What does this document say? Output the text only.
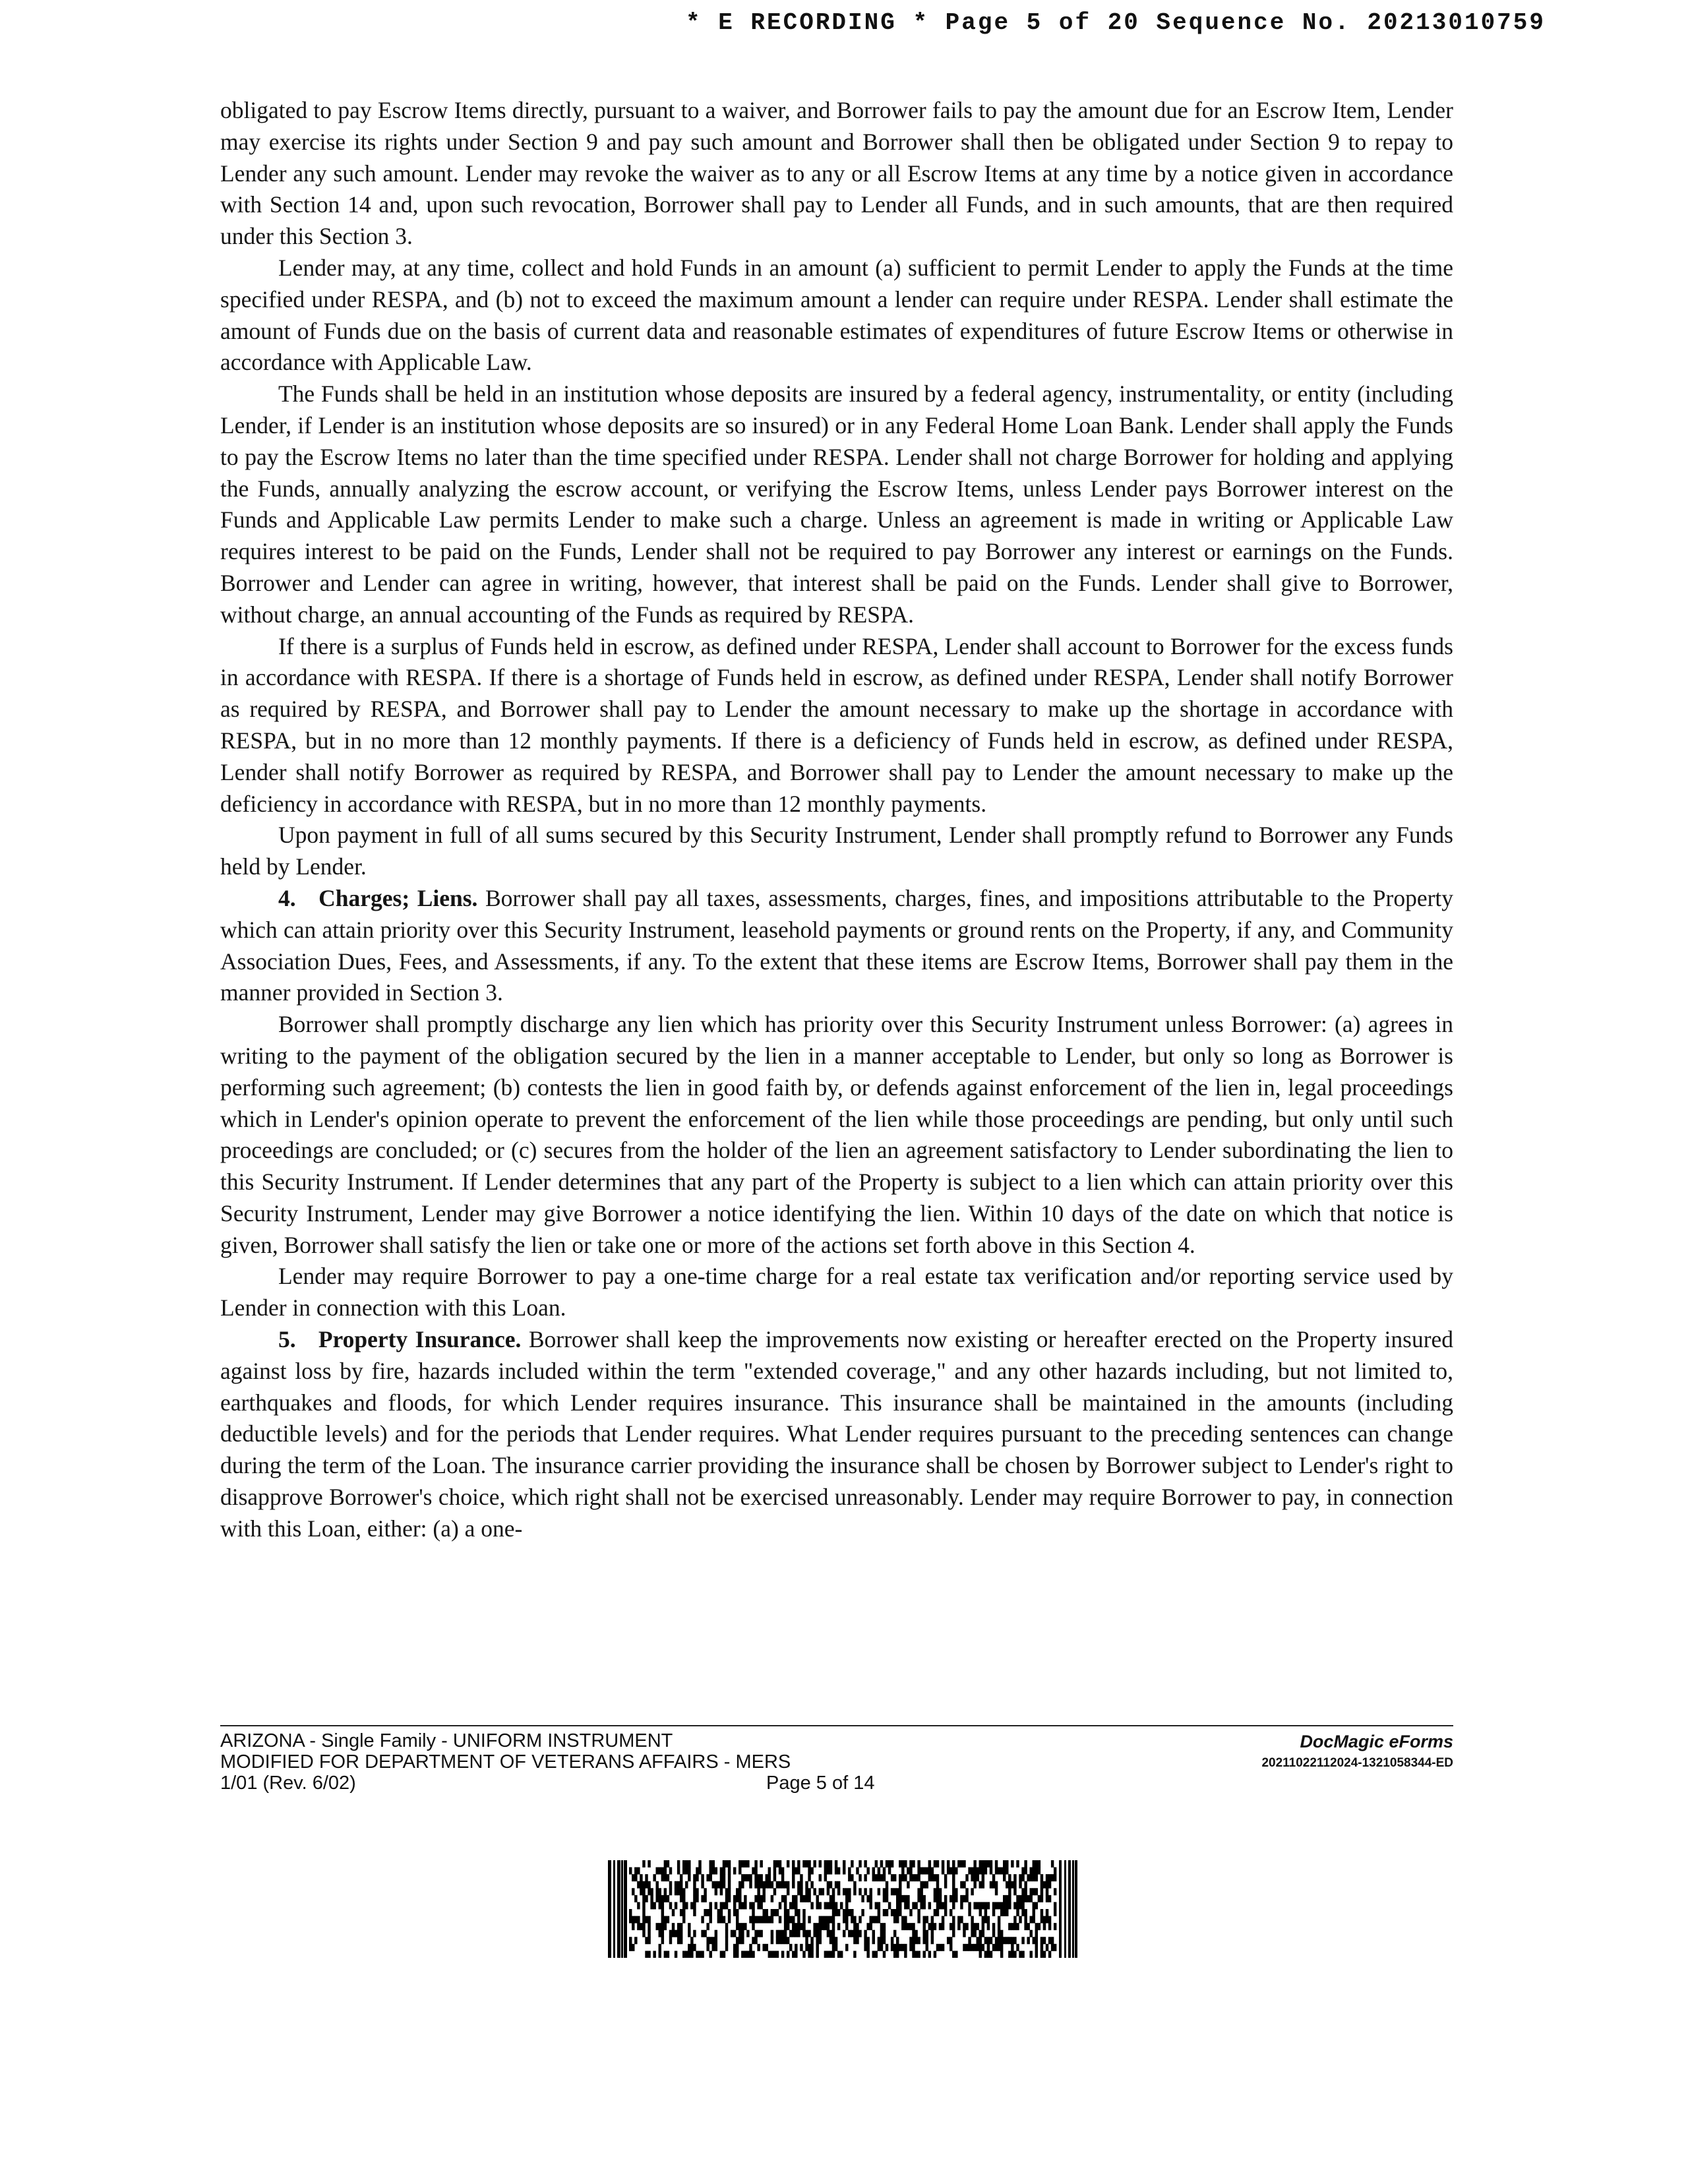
* E RECORDING * Page 5 of 20 Sequence No. 20213010759

obligated to pay Escrow Items directly, pursuant to a waiver, and Borrower fails to pay the amount due for an Escrow Item, Lender may exercise its rights under Section 9 and pay such amount and Borrower shall then be obligated under Section 9 to repay to Lender any such amount. Lender may revoke the waiver as to any or all Escrow Items at any time by a notice given in accordance with Section 14 and, upon such revocation, Borrower shall pay to Lender all Funds, and in such amounts, that are then required under this Section 3.

Lender may, at any time, collect and hold Funds in an amount (a) sufficient to permit Lender to apply the Funds at the time specified under RESPA, and (b) not to exceed the maximum amount a lender can require under RESPA. Lender shall estimate the amount of Funds due on the basis of current data and reasonable estimates of expenditures of future Escrow Items or otherwise in accordance with Applicable Law.

The Funds shall be held in an institution whose deposits are insured by a federal agency, instrumentality, or entity (including Lender, if Lender is an institution whose deposits are so insured) or in any Federal Home Loan Bank. Lender shall apply the Funds to pay the Escrow Items no later than the time specified under RESPA. Lender shall not charge Borrower for holding and applying the Funds, annually analyzing the escrow account, or verifying the Escrow Items, unless Lender pays Borrower interest on the Funds and Applicable Law permits Lender to make such a charge. Unless an agreement is made in writing or Applicable Law requires interest to be paid on the Funds, Lender shall not be required to pay Borrower any interest or earnings on the Funds. Borrower and Lender can agree in writing, however, that interest shall be paid on the Funds. Lender shall give to Borrower, without charge, an annual accounting of the Funds as required by RESPA.

If there is a surplus of Funds held in escrow, as defined under RESPA, Lender shall account to Borrower for the excess funds in accordance with RESPA. If there is a shortage of Funds held in escrow, as defined under RESPA, Lender shall notify Borrower as required by RESPA, and Borrower shall pay to Lender the amount necessary to make up the shortage in accordance with RESPA, but in no more than 12 monthly payments. If there is a deficiency of Funds held in escrow, as defined under RESPA, Lender shall notify Borrower as required by RESPA, and Borrower shall pay to Lender the amount necessary to make up the deficiency in accordance with RESPA, but in no more than 12 monthly payments.

Upon payment in full of all sums secured by this Security Instrument, Lender shall promptly refund to Borrower any Funds held by Lender.

4. Charges; Liens. Borrower shall pay all taxes, assessments, charges, fines, and impositions attributable to the Property which can attain priority over this Security Instrument, leasehold payments or ground rents on the Property, if any, and Community Association Dues, Fees, and Assessments, if any. To the extent that these items are Escrow Items, Borrower shall pay them in the manner provided in Section 3.

Borrower shall promptly discharge any lien which has priority over this Security Instrument unless Borrower: (a) agrees in writing to the payment of the obligation secured by the lien in a manner acceptable to Lender, but only so long as Borrower is performing such agreement; (b) contests the lien in good faith by, or defends against enforcement of the lien in, legal proceedings which in Lender's opinion operate to prevent the enforcement of the lien while those proceedings are pending, but only until such proceedings are concluded; or (c) secures from the holder of the lien an agreement satisfactory to Lender subordinating the lien to this Security Instrument. If Lender determines that any part of the Property is subject to a lien which can attain priority over this Security Instrument, Lender may give Borrower a notice identifying the lien. Within 10 days of the date on which that notice is given, Borrower shall satisfy the lien or take one or more of the actions set forth above in this Section 4.

Lender may require Borrower to pay a one-time charge for a real estate tax verification and/or reporting service used by Lender in connection with this Loan.

5. Property Insurance. Borrower shall keep the improvements now existing or hereafter erected on the Property insured against loss by fire, hazards included within the term "extended coverage," and any other hazards including, but not limited to, earthquakes and floods, for which Lender requires insurance. This insurance shall be maintained in the amounts (including deductible levels) and for the periods that Lender requires. What Lender requires pursuant to the preceding sentences can change during the term of the Loan. The insurance carrier providing the insurance shall be chosen by Borrower subject to Lender's right to disapprove Borrower's choice, which right shall not be exercised unreasonably. Lender may require Borrower to pay, in connection with this Loan, either: (a) a one-

ARIZONA - Single Family - UNIFORM INSTRUMENT
MODIFIED FOR DEPARTMENT OF VETERANS AFFAIRS - MERS
1/01 (Rev. 6/02)	Page 5 of 14
DocMagic eForms
20211022112024-1321058344-ED
